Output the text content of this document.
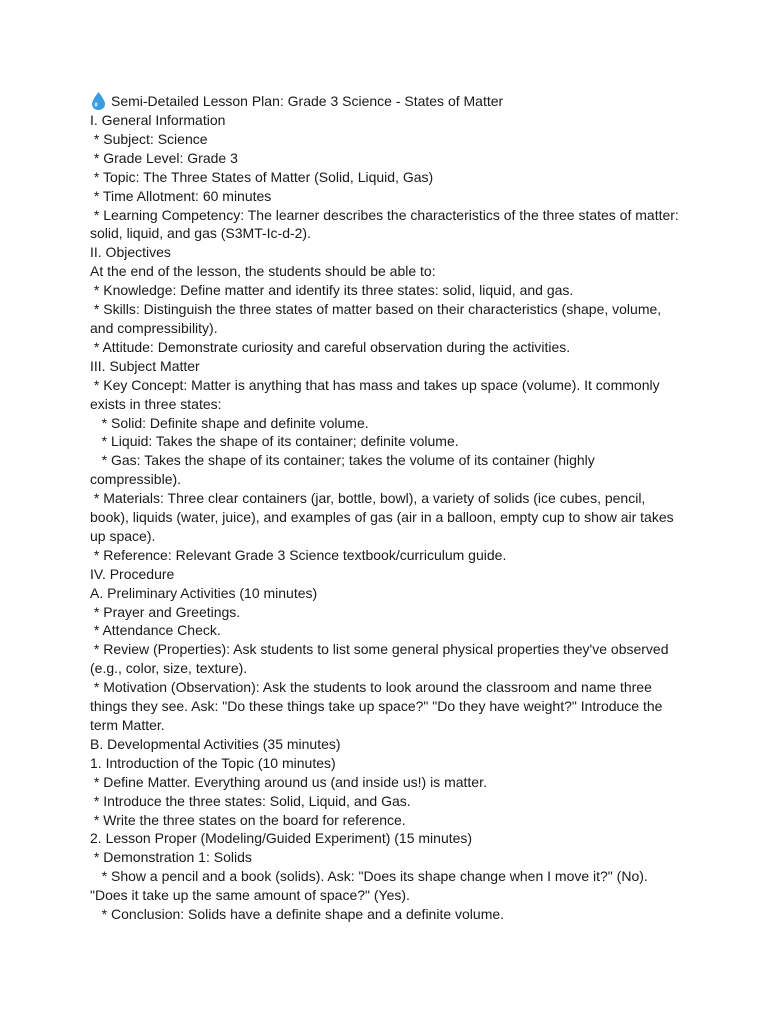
Semi-Detailed Lesson Plan: Grade 3 Science - States of Matter

I. General Information

* Subject: Science

* Grade Level: Grade 3

* Topic: The Three States of Matter (Solid, Liquid, Gas)

* Time Allotment: 60 minutes

* Learning Competency: The learner describes the characteristics of the three states of matter: solid, liquid, and gas (S3MT-Ic-d-2).

II. Objectives

At the end of the lesson, the students should be able to:

* Knowledge: Define matter and identify its three states: solid, liquid, and gas.

* Skills: Distinguish the three states of matter based on their characteristics (shape, volume, and compressibility).

* Attitude: Demonstrate curiosity and careful observation during the activities.

III. Subject Matter

* Key Concept: Matter is anything that has mass and takes up space (volume). It commonly exists in three states:

* Solid: Definite shape and definite volume.

* Liquid: Takes the shape of its container; definite volume.

* Gas: Takes the shape of its container; takes the volume of its container (highly compressible).

* Materials: Three clear containers (jar, bottle, bowl), a variety of solids (ice cubes, pencil, book), liquids (water, juice), and examples of gas (air in a balloon, empty cup to show air takes up space).

* Reference: Relevant Grade 3 Science textbook/curriculum guide.

IV. Procedure

A. Preliminary Activities (10 minutes)

* Prayer and Greetings.

* Attendance Check.

* Review (Properties): Ask students to list some general physical properties they've observed (e.g., color, size, texture).

* Motivation (Observation): Ask the students to look around the classroom and name three things they see. Ask: "Do these things take up space?" "Do they have weight?" Introduce the term Matter.

B. Developmental Activities (35 minutes)

1. Introduction of the Topic (10 minutes)

* Define Matter. Everything around us (and inside us!) is matter.

* Introduce the three states: Solid, Liquid, and Gas.

* Write the three states on the board for reference.

2. Lesson Proper (Modeling/Guided Experiment) (15 minutes)

* Demonstration 1: Solids

* Show a pencil and a book (solids). Ask: "Does its shape change when I move it?" (No). "Does it take up the same amount of space?" (Yes).

* Conclusion: Solids have a definite shape and a definite volume.
